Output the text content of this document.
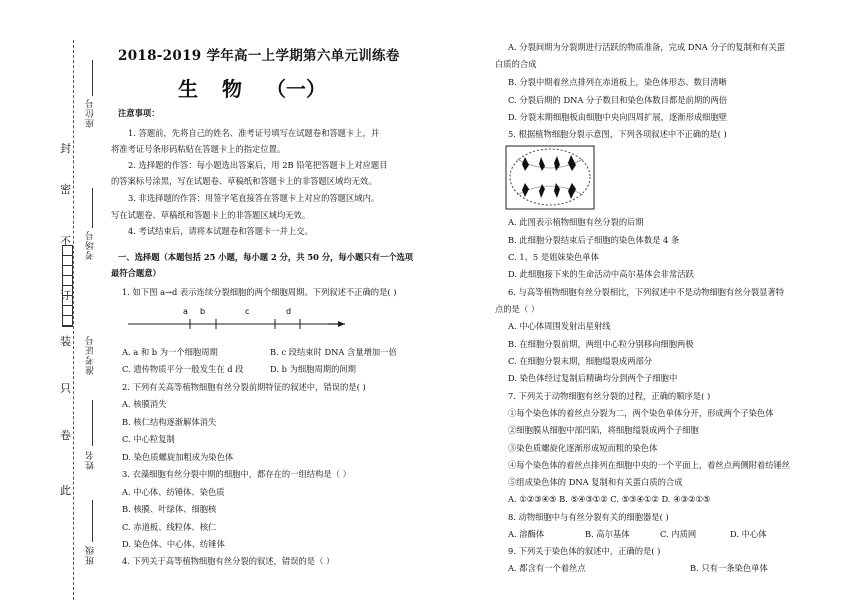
封
密
不
订
装
只
卷
此
座位号
考场号
准考证号
姓名
班级
2018-2019 学年高一上学期第六单元训练卷
生 物 （一）
注意事项：
1. 答题前，先将自己的姓名、准考证号填写在试题卷和答题卡上，并
将准考证号条形码粘贴在答题卡上的指定位置。
2. 选择题的作答：每小题选出答案后，用 2B 铅笔把答题卡上对应题目
的答案标号涂黑，写在试题卷、草稿纸和答题卡上的非答题区域均无效。
3. 非选择题的作答：用签字笔直接答在答题卡上对应的答题区域内。
写在试题卷、草稿纸和答题卡上的非答题区域均无效。
4. 考试结束后，请将本试题卷和答题卡一并上交。
一、选择题（本题包括 25 小题，每小题 2 分，共 50 分，每小题只有一个选项
最符合题意）
1. 如下图 a→d 表示连续分裂细胞的两个细胞周期。下列叙述不正确的是( )
a b	c	d
A. a 和 b 为一个细胞周期	B. c 段结束时 DNA 含量增加一倍
C. 遗传物质平分一般发生在 d 段	D. b 为细胞周期的间期
2. 下列有关高等植物细胞有丝分裂前期特征的叙述中，错误的是( )
A. 核膜消失
B. 核仁结构逐渐解体消失
C. 中心粒复制
D. 染色质螺旋加粗成为染色体
3. 衣藻细胞有丝分裂中期的细胞中，都存在的一组结构是（ ）
A. 中心体、纺锤体、染色质
B. 核膜、叶绿体、细胞核
C. 赤道板、线粒体、核仁
D. 染色体、中心体、纺锤体
4. 下列关于高等植物细胞有丝分裂的叙述，错误的是（ ）
A. 分裂间期为分裂期进行活跃的物质准备，完成 DNA 分子的复制和有关蛋
白质的合成
B. 分裂中期着丝点排列在赤道板上，染色体形态、数目清晰
C. 分裂后期的 DNA 分子数目和染色体数目都是前期的两倍
D. 分裂末期细胞板由细胞中央向四周扩展，逐渐形成细胞壁
5. 根据植物细胞分裂示意图，下列各项叙述中不正确的是( )
A. 此图表示植物细胞有丝分裂的后期
B. 此细胞分裂结束后子细胞的染色体数是 4 条
C. 1、5 是姐妹染色单体
D. 此细胞接下来的生命活动中高尔基体会非常活跃
6. 与高等植物细胞有丝分裂相比，下列叙述中不是动物细胞有丝分裂显著特
点的是（ ）
A. 中心体周围发射出星射线
B. 在细胞分裂前期，两组中心粒分别移向细胞两极
C. 在细胞分裂末期，细胞缢裂成两部分
D. 染色体经过复制后精确均分到两个子细胞中
7. 下列关于动物细胞有丝分裂的过程，正确的顺序是( )
①每个染色体的着丝点分裂为二，两个染色单体分开，形成两个子染色体
②细胞膜从细胞中部凹陷，将细胞缢裂成两个子细胞
③染色质螺旋化逐渐形成短而粗的染色体
④每个染色体的着丝点排列在细胞中央的一个平面上，着丝点两侧附着纺锤丝
⑤组成染色体的 DNA 复制和有关蛋白质的合成
A. ①②③④⑤ B. ⑤④③①② C. ⑤③④①② D. ④③②①⑤
8. 动物细胞中与有丝分裂有关的细胞器是( )
A. 溶酶体	B. 高尔基体	C. 内质网	D. 中心体
9. 下列关于染色体的叙述中，正确的是( )
A. 都含有一个着丝点	B. 只有一条染色单体
